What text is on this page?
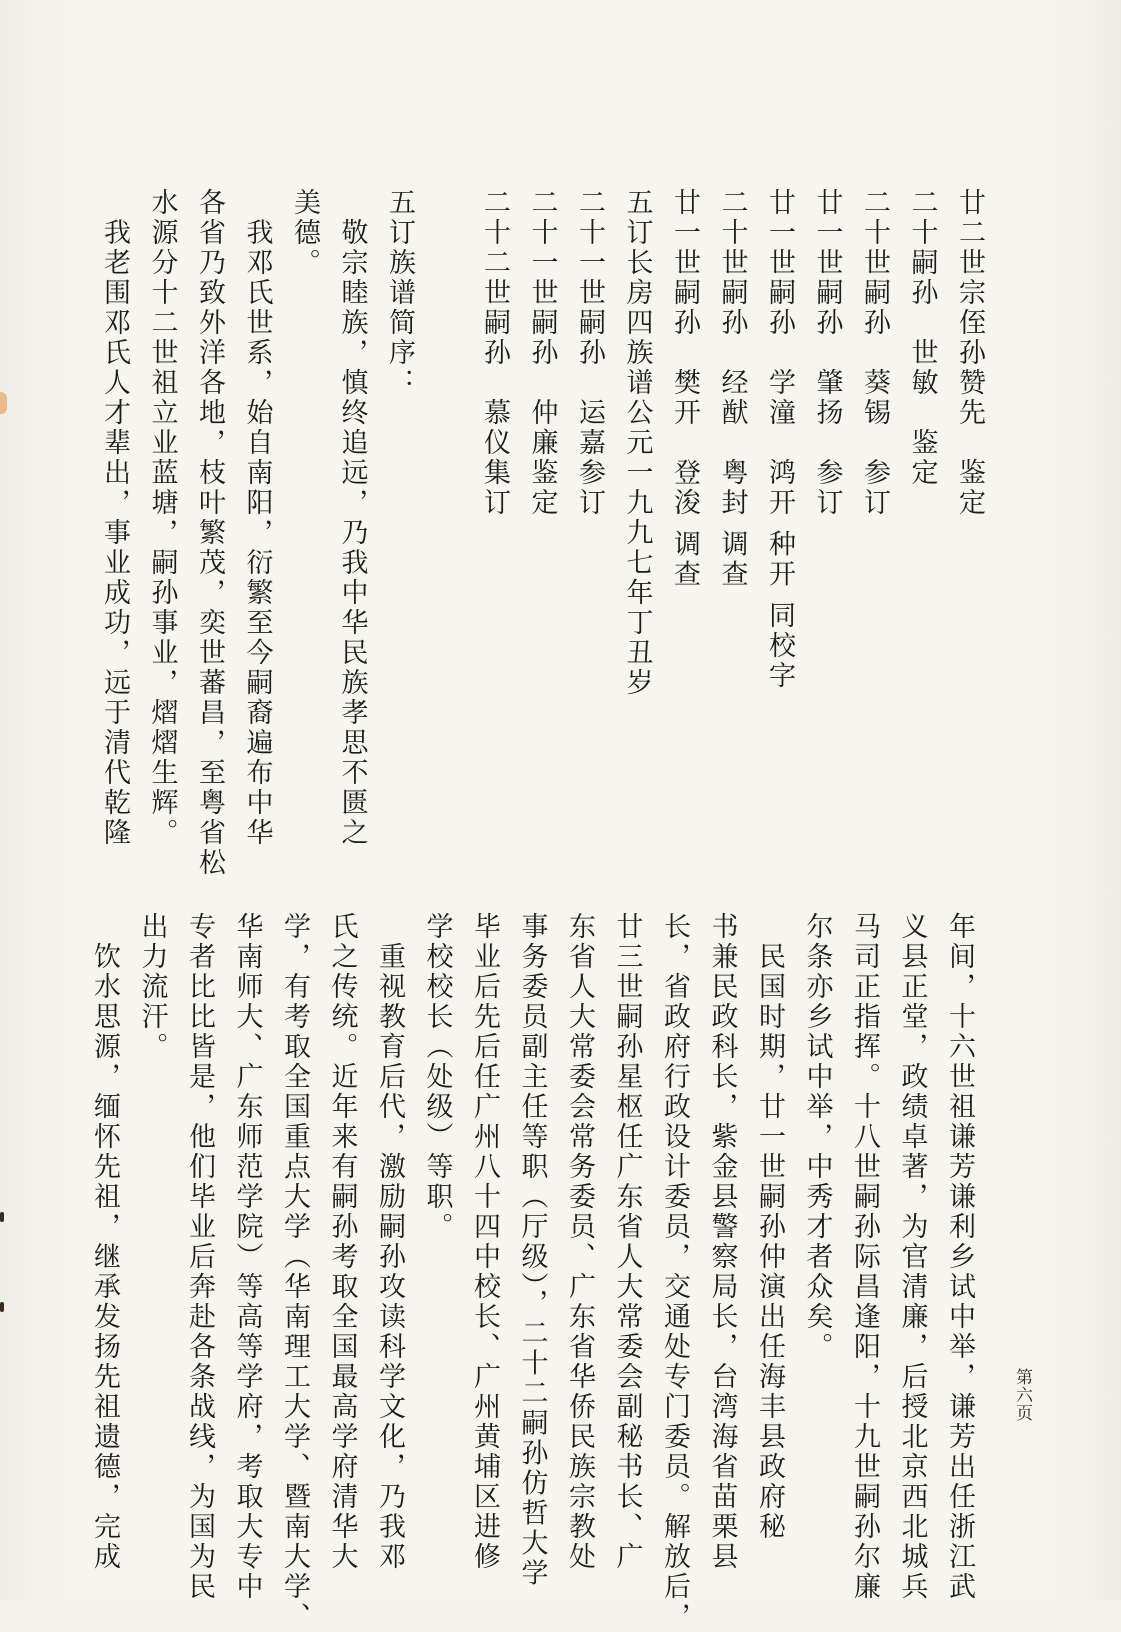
廿二世宗侄孙赞先　鉴定
二十嗣孙　世敏　鉴定
二十世嗣孙　葵锡　参订
廿一世嗣孙　肇扬　参订
廿一世嗣孙　学潼　鸿开 种开 同校字
二十世嗣孙　经猷　粤封 调查
廿一世嗣孙　樊开　登浚 调查
五订长房四族谱公元一九九七年丁丑岁
二十一世嗣孙　运嘉参订
二十一世嗣孙　仲廉鉴定
二十二世嗣孙　慕仪集订
五订族谱简序：
　敬宗睦族，慎终追远，乃我中华民族孝思不匮之
美德。
　我邓氏世系，始自南阳，衍繁至今嗣裔遍布中华
各省乃致外洋各地，枝叶繁茂，奕世蕃昌，至粤省松
水源分十二世祖立业蓝塘，嗣孙事业，熠熠生辉。
　我老围邓氏人才辈出，事业成功，远于清代乾隆
年间，十六世祖谦芳谦利乡试中举，谦芳出任浙江武
义县正堂，政绩卓著，为官清廉，后授北京西北城兵
马司正指挥。十八世嗣孙际昌逢阳，十九世嗣孙尔廉
尔条亦乡试中举，中秀才者众矣。
　民国时期，廿一世嗣孙仲演出任海丰县政府秘
书兼民政科长，紫金县警察局长，台湾海省苗栗县
长，省政府行政设计委员，交通处专门委员。解放后，
廿三世嗣孙星枢任广东省人大常委会副秘书长、广
东省人大常委会常务委员、广东省华侨民族宗教处
事务委员副主任等职（厅级），二十二嗣孙仿哲大学
毕业后先后任广州八十四中校长、广州黄埔区进修
学校校长（处级）等职。
　重视教育后代，激励嗣孙攻读科学文化，乃我邓
氏之传统。近年来有嗣孙考取全国最高学府清华大
学，有考取全国重点大学（华南理工大学、暨南大学、
华南师大、广东师范学院）等高等学府，考取大专中
专者比比皆是，他们毕业后奔赴各条战线，为国为民
出力流汗。
　饮水思源，缅怀先祖，继承发扬先祖遗德，完成	第六页
